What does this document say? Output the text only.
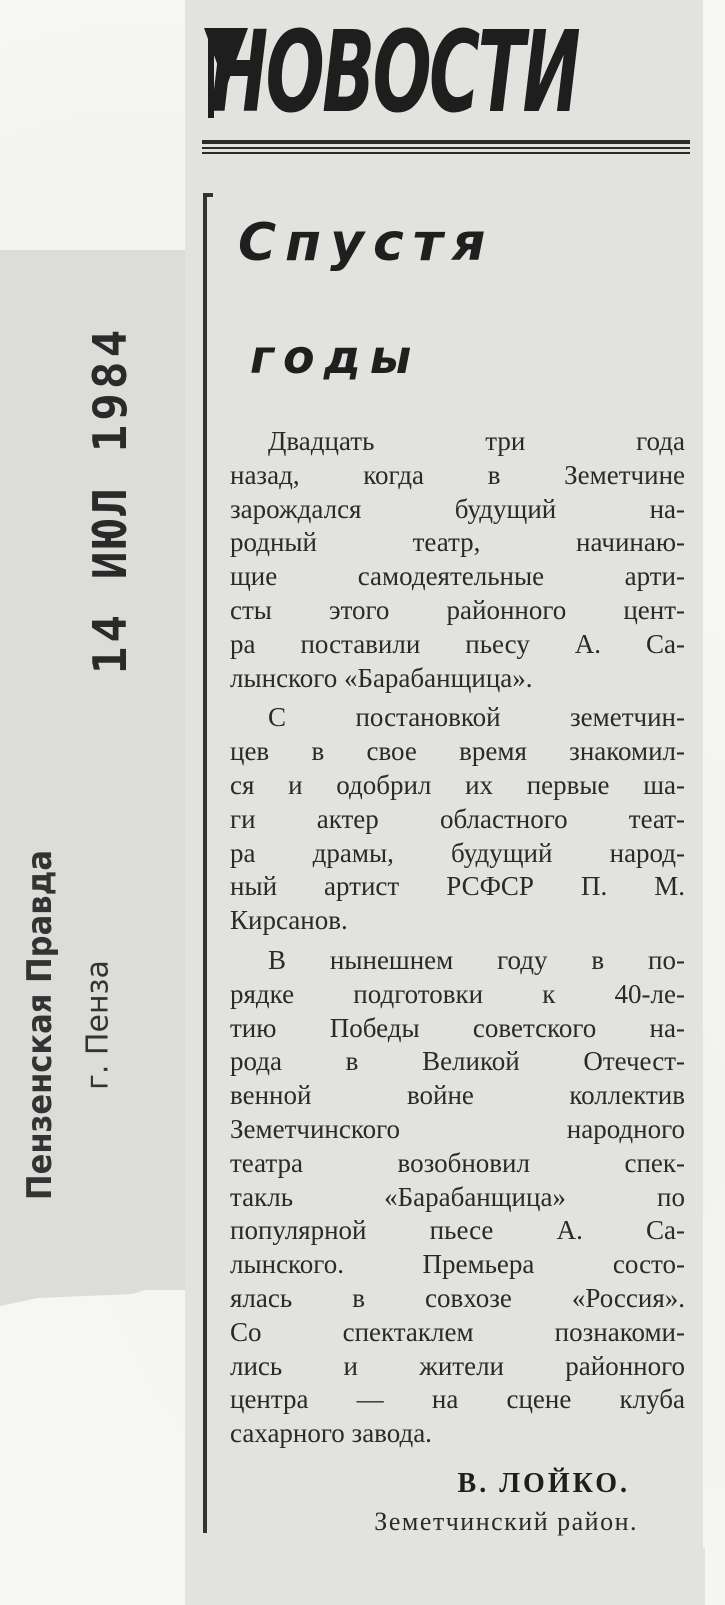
14 ИЮЛ 1984
Пензенская Правда г. Пенза
НОВОСТИ
Спустя
годы

Двадцать три года
назад, когда в Земетчине
зарождался будущий на-
родный театр, начинаю-
щие самодеятельные арти-
сты этого районного цент-
ра поставили пьесу А. Са-
лынского «Барабанщица».

С постановкой земетчин-
цев в свое время знакомил-
ся и одобрил их первые ша-
ги актер областного теат-
ра драмы, будущий народ-
ный артист РСФСР П. М.
Кирсанов.

В нынешнем году в по-
рядке подготовки к 40-ле-
тию Победы советского на-
рода в Великой Отечест-
венной войне коллектив
Земетчинского народного
театра возобновил спек-
такль «Барабанщица» по
популярной пьесе А. Са-
лынского. Премьера состо-
ялась в совхозе «Россия».
Со спектаклем познакоми-
лись и жители районного
центра — на сцене клуба
сахарного завода.

В. ЛОЙКО.
Земетчинский район.
